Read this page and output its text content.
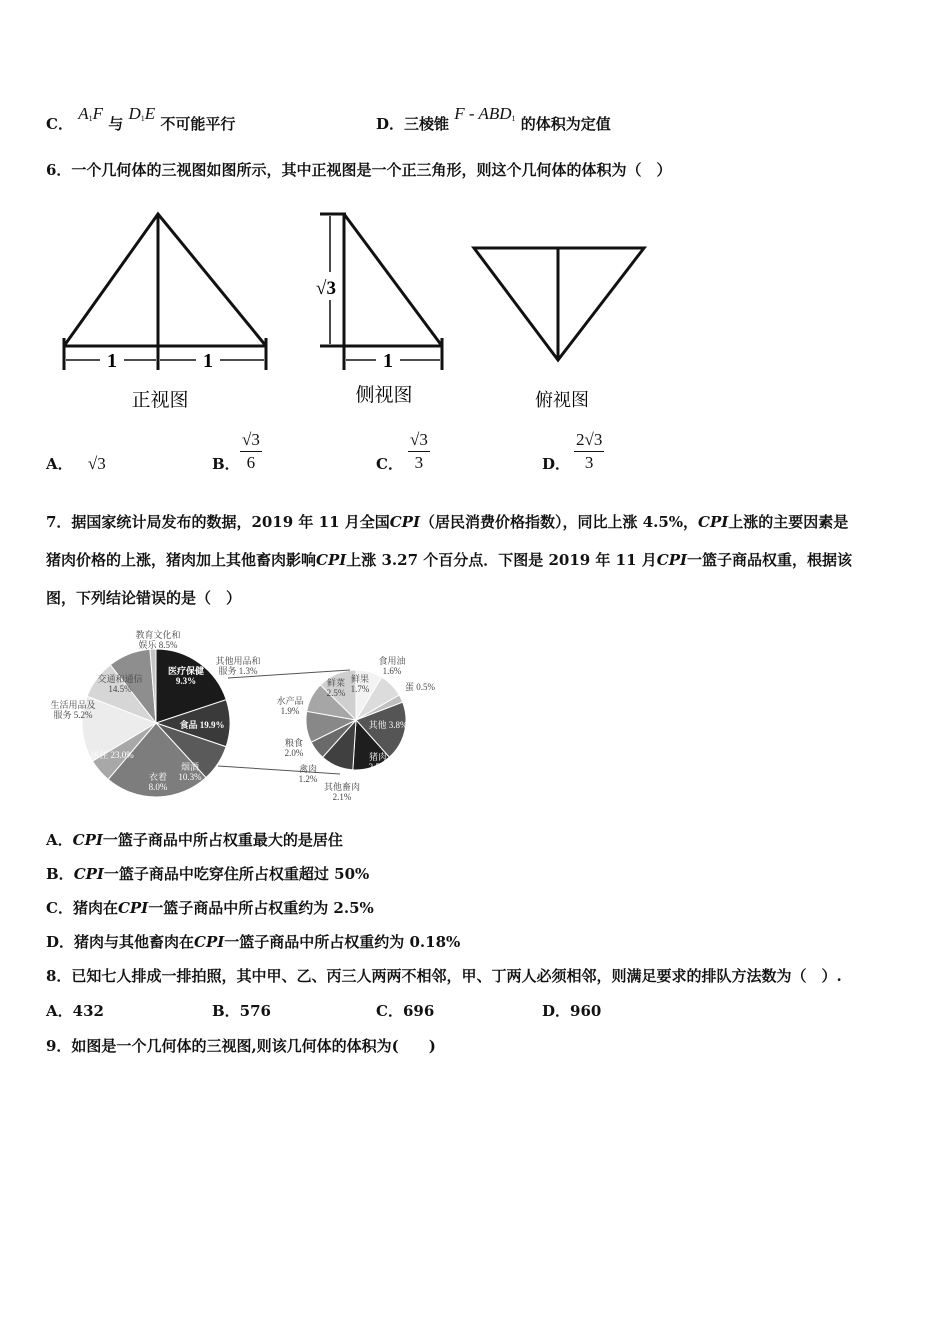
C． $A_1F$ 与 $D_1E$ 不可能平行	D．三棱锥 F - $ABD_1$ 的体积为定值
6．一个几何体的三视图如图所示，其中正视图是一个正三角形，则这个几何体的体积为（　）
1	1
正视图
√3
1
侧视图	俯视图
A． √3	B．
√3
6	C．
√3
3	D．
2√3
3
7．据国家统计局发布的数据，2019 年 11 月全国CPI（居民消费价格指数），同比上涨 4.5%，CPI上涨的主要因素是
猪肉价格的上涨，猪肉加上其他畜肉影响CPI上涨 3.27 个百分点．下图是 2019 年 11 月CPI一篮子商品权重，根据该
图，下列结论错误的是（　）
食品 19.9%
烟酒 10.3%
衣着 8.0%
居住 23.0%
生活用品及服务 5.2%
交通和通信 14.5%
教育文化和娱乐 8.5%
医疗保健 9.3%
其他用品和服务 1.3%
鲜果 1.7%
食用油 1.6%
蛋 0.5%
其他 3.8%
猪肉 2.5%
其他畜肉 2.1%
禽肉 1.2%
粮食 2.0%
水产品 1.9%
鲜菜 2.5%
A．CPI一篮子商品中所占权重最大的是居住
B．CPI一篮子商品中吃穿住所占权重超过 50%
C．猪肉在CPI一篮子商品中所占权重约为 2.5%
D．猪肉与其他畜肉在CPI一篮子商品中所占权重约为 0.18%
8．已知七人排成一排拍照，其中甲、乙、丙三人两两不相邻，甲、丁两人必须相邻，则满足要求的排队方法数为（　）.
A．432	B．576	C．696	D．960
9．如图是一个几何体的三视图,则该几何体的体积为(　　)
